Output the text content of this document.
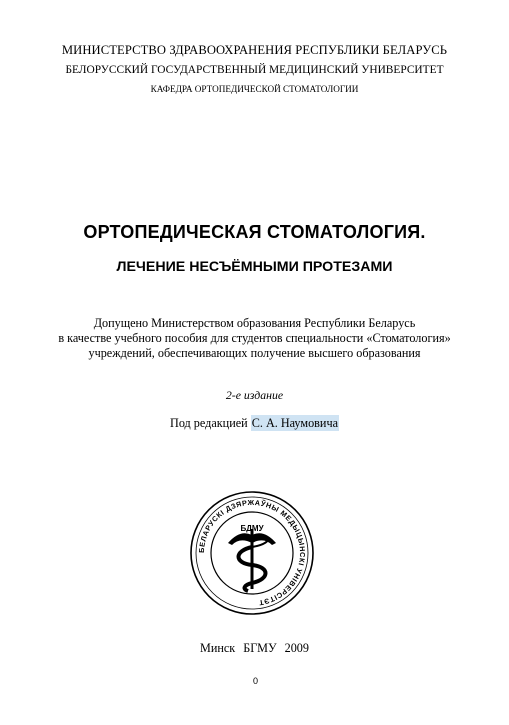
МИНИСТЕРСТВО ЗДРАВООХРАНЕНИЯ РЕСПУБЛИКИ БЕЛАРУСЬ
БЕЛОРУССКИЙ ГОСУДАРСТВЕННЫЙ МЕДИЦИНСКИЙ УНИВЕРСИТЕТ
КАФЕДРА ОРТОПЕДИЧЕСКОЙ СТОМАТОЛОГИИ
ОРТОПЕДИЧЕСКАЯ СТОМАТОЛОГИЯ.
ЛЕЧЕНИЕ НЕСЪЁМНЫМИ ПРОТЕЗАМИ
Допущено Министерством образования Республики Беларусь
в качестве учебного пособия для студентов специальности «Стоматология»
учреждений, обеспечивающих получение высшего образования
2-е издание
Под редакцией С. А. Наумовича
БЕЛАРУСКІ ДЗЯРЖАЎНЫ МЕДЫЦЫНСКІ УНІВЕРСІТЭТ
БДМУ
Минск БГМУ 2009
0
